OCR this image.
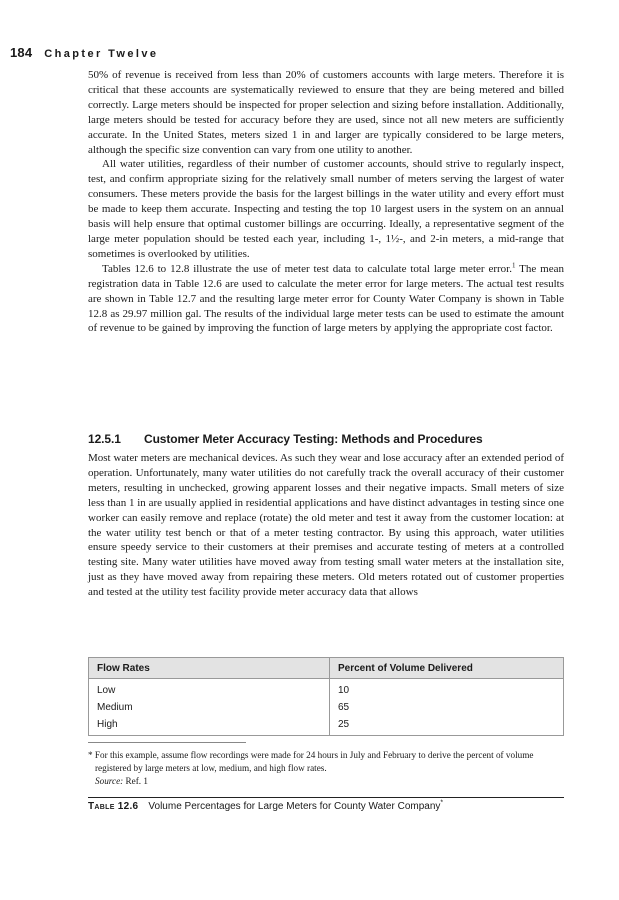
184 Chapter Twelve

50% of revenue is received from less than 20% of customers accounts with large meters. Therefore it is critical that these accounts are systematically reviewed to ensure that they are being metered and billed correctly. Large meters should be inspected for proper selection and sizing before installation. Additionally, large meters should be tested for accuracy before they are used, since not all new meters are sufficiently accurate. In the United States, meters sized 1 in and larger are typically considered to be large meters, although the specific size convention can vary from one utility to another.

All water utilities, regardless of their number of customer accounts, should strive to regularly inspect, test, and confirm appropriate sizing for the relatively small number of meters serving the largest of water consumers. These meters provide the basis for the largest billings in the water utility and every effort must be made to keep them accurate. Inspecting and testing the top 10 largest users in the system on an annual basis will help ensure that optimal customer billings are occurring. Ideally, a representative segment of the large meter population should be tested each year, including 1-, 1½-, and 2-in meters, a mid-range that sometimes is overlooked by utilities.

Tables 12.6 to 12.8 illustrate the use of meter test data to calculate total large meter error.$^1$ The mean registration data in Table 12.6 are used to calculate the meter error for large meters. The actual test results are shown in Table 12.7 and the resulting large meter error for County Water Company is shown in Table 12.8 as 29.97 million gal. The results of the individual large meter tests can be used to estimate the amount of revenue to be gained by improving the function of large meters by applying the appropriate cost factor.

12.5.1 Customer Meter Accuracy Testing: Methods and Procedures

Most water meters are mechanical devices. As such they wear and lose accuracy after an extended period of operation. Unfortunately, many water utilities do not carefully track the overall accuracy of their customer meters, resulting in unchecked, growing apparent losses and their negative impacts. Small meters of size less than 1 in are usually applied in residential applications and have distinct advantages in testing since one worker can easily remove and replace (rotate) the old meter and test it away from the customer location: at the water utility test bench or that of a meter testing contractor. By using this approach, water utilities ensure speedy service to their customers at their premises and accurate testing of meters at a controlled testing site. Many water utilities have moved away from testing small water meters at the installation site, just as they have moved away from repairing these meters. Old meters rotated out of customer properties and tested at the utility test facility provide meter accuracy data that allows

Flow Rates	Percent of Volume Delivered
Low	10
Medium	65
High	25

* For this example, assume flow recordings were made for 24 hours in July and February to derive the percent of volume registered by large meters at low, medium, and high flow rates.

Source: Ref. 1

Table 12.6 Volume Percentages for Large Meters for County Water Company*
